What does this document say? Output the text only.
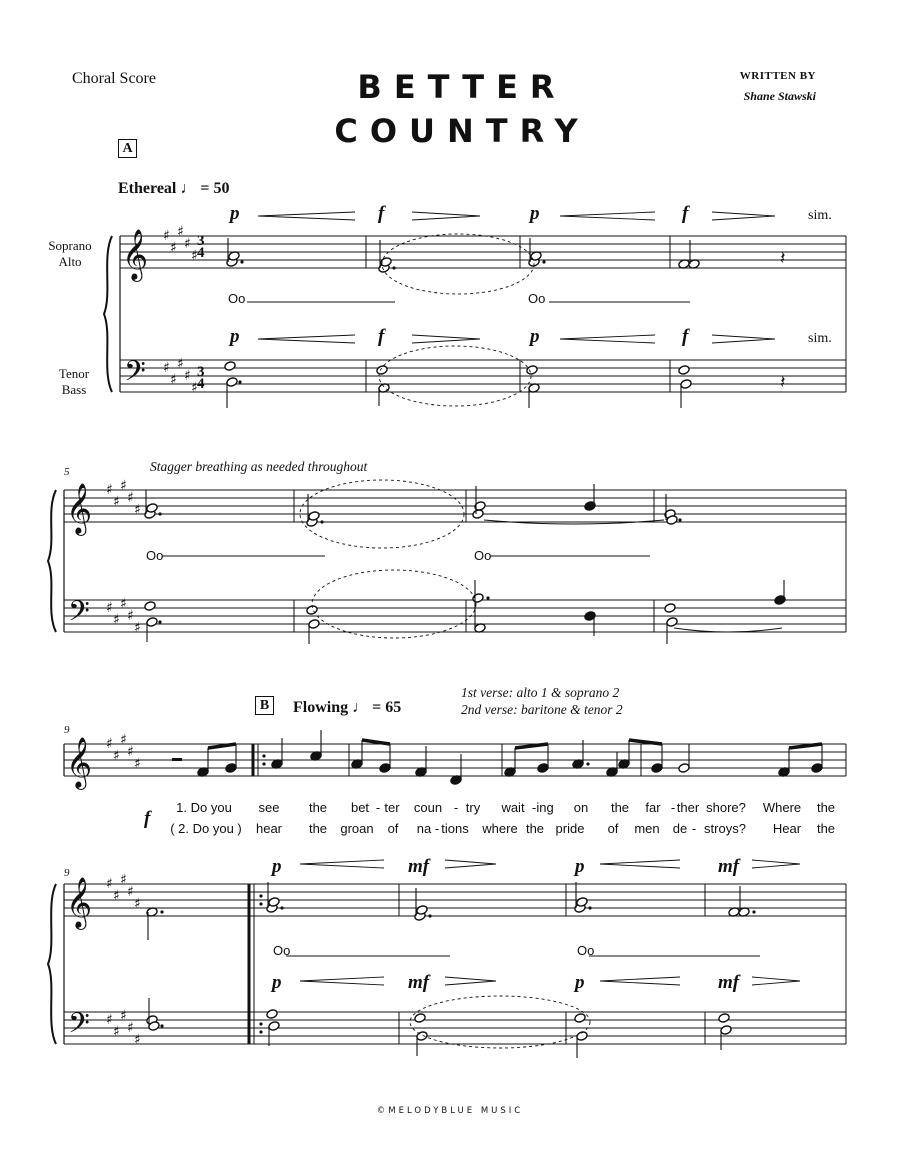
Choral Score	BETTER
COUNTRY
WRITTEN BY
Shane Stawski
A
Ethereal ♩ = 50
Soprano
Alto
Tenor
Bass
p	f	p	f	sim.
p	f	p	f	sim.
Oo	Oo
3
4
3
4
5	Stagger breathing as needed throughout
Oo	Oo
B	Flowing ♩ = 65
1st verse: alto 1 & soprano 2
2nd verse: baritone & tenor 2
9
9
f
1. Do you see the bet - ter coun - try wait - ing on the far - ther shore? Where the
( 2. Do you ) hear the groan of na - tions where the pride of men de - stroys? Hear the
p	mf	p	mf
p	mf	p	mf
Oo	Oo
©MELODYBLUE MUSIC
𝄞
𝄢
♯
♯
♯
♯
♯
♯
♯
♯
♯
♯
𝄽
𝄽
𝄞
𝄢
♯
♯
♯
♯
♯
♯
♯
♯
♯
♯
𝄞 ♯
♯
♯
♯
♯
𝄞
𝄢
♯
♯
♯
♯
♯
♯
♯
♯
♯
♯
